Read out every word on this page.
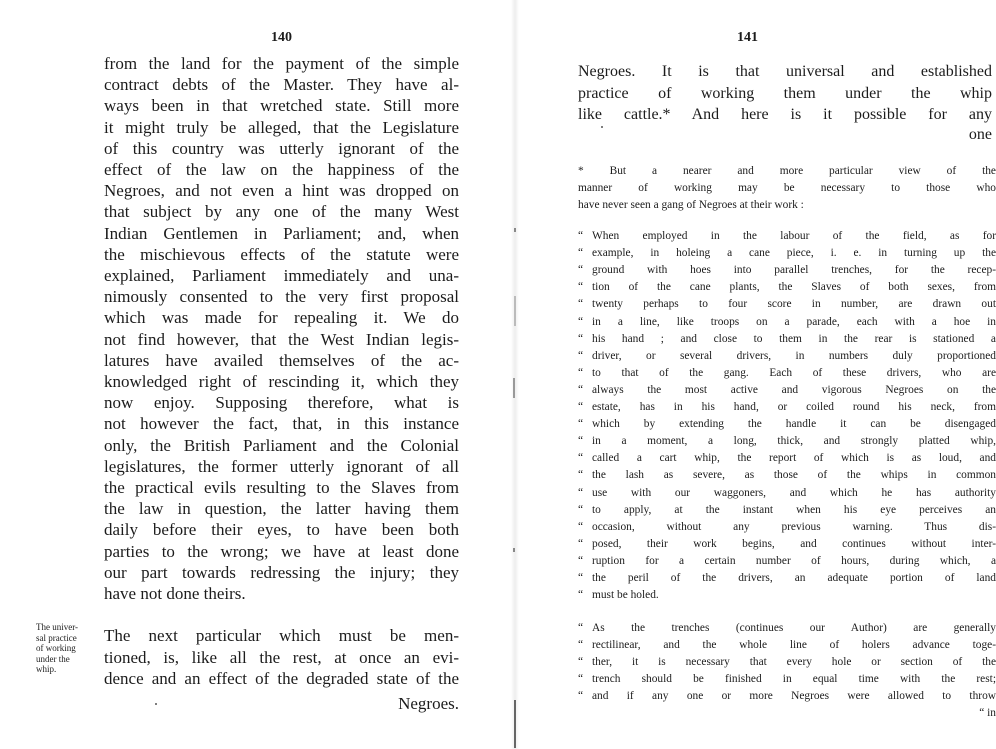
140
from the land for the payment of the simple
contract debts of the Master. They have al-
ways been in that wretched state. Still more
it might truly be alleged, that the Legislature
of this country was utterly ignorant of the
effect of the law on the happiness of the
Negroes, and not even a hint was dropped on
that subject by any one of the many West
Indian Gentlemen in Parliament; and, when
the mischievous effects of the statute were
explained, Parliament immediately and una-
nimously consented to the very first proposal
which was made for repealing it. We do
not find however, that the West Indian legis-
latures have availed themselves of the ac-
knowledged right of rescinding it, which they
now enjoy. Supposing therefore, what is
not however the fact, that, in this instance
only, the British Parliament and the Colonial
legislatures, the former utterly ignorant of all
the practical evils resulting to the Slaves from
the law in question, the latter having them
daily before their eyes, to have been both
parties to the wrong; we have at least done
our part towards redressing the injury; they
have not done theirs.
The univer-
sal practice
of working
under the
whip.
The next particular which must be men-
tioned, is, like all the rest, at once an evi-
dence and an effect of the degraded state of the
Negroes.
141
Negroes. It is that universal and established
practice of working them under the whip
like cattle.* And here is it possible for any
one
* But a nearer and more particular view of the
manner of working may be necessary to those who
have never seen a gang of Negroes at their work :
“ When employed in the labour of the field, as for
“ example, in holeing a cane piece, i. e. in turning up the
“ ground with hoes into parallel trenches, for the recep-
“ tion of the cane plants, the Slaves of both sexes, from
“ twenty perhaps to four score in number, are drawn out
“ in a line, like troops on a parade, each with a hoe in
“ his hand ; and close to them in the rear is stationed a
“ driver, or several drivers, in numbers duly proportioned
“ to that of the gang. Each of these drivers, who are
“ always the most active and vigorous Negroes on the
“ estate, has in his hand, or coiled round his neck, from
“ which by extending the handle it can be disengaged
“ in a moment, a long, thick, and strongly platted whip,
“ called a cart whip, the report of which is as loud, and
“ the lash as severe, as those of the whips in common
“ use with our waggoners, and which he has authority
“ to apply, at the instant when his eye perceives an
“ occasion, without any previous warning. Thus dis-
“ posed, their work begins, and continues without inter-
“ ruption for a certain number of hours, during which, a
“ the peril of the drivers, an adequate portion of land
“ must be holed.
“ As the trenches (continues our Author) are generally
“ rectilinear, and the whole line of holers advance toge-
“ ther, it is necessary that every hole or section of the
“ trench should be finished in equal time with the rest;
“ and if any one or more Negroes were allowed to throw
“ in
